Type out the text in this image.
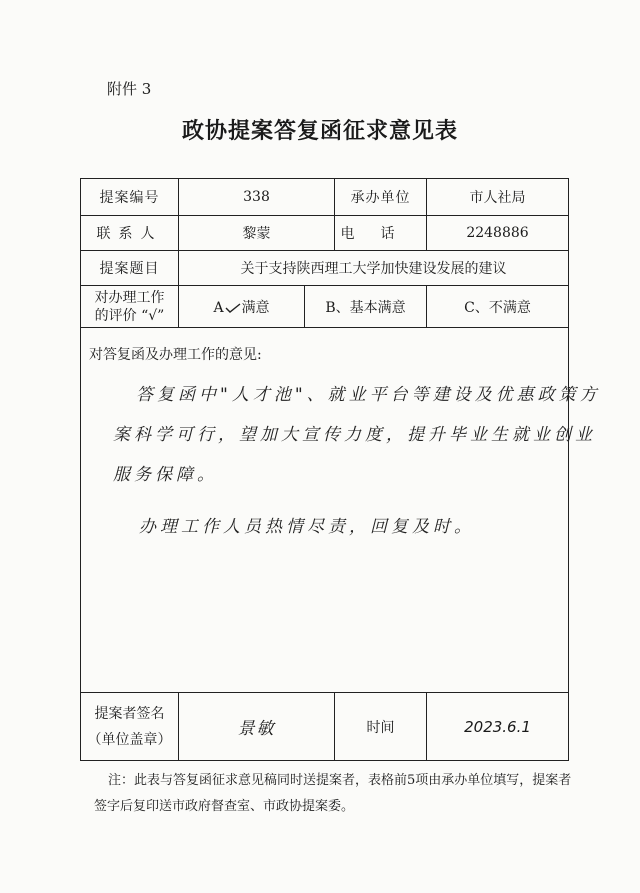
附件 3
政协提案答复函征求意见表
提案编号	338		承办单位	市人社局
联系人	黎蒙		电话	2248886
提案题目	关于支持陕西理工大学加快建设发展的建议			

对办理工作
的评价 “√”	A 满意	B、基本满意		C、不满意

对答复函及办理工作的意见:
答复函中"人才池"、就业平台等建设及优惠政策方
案科学可行，望加大宣传力度，提升毕业生就业创业
服务保障。
办理工作人员热情尽责，回复及时。				

提案者签名
（单位盖章）	景敏		时间	2023.6.1
注：此表与答复函征求意见稿同时送提案者，表格前5项由承办单位填写，提案者签字后复印送市政府督查室、市政协提案委。
